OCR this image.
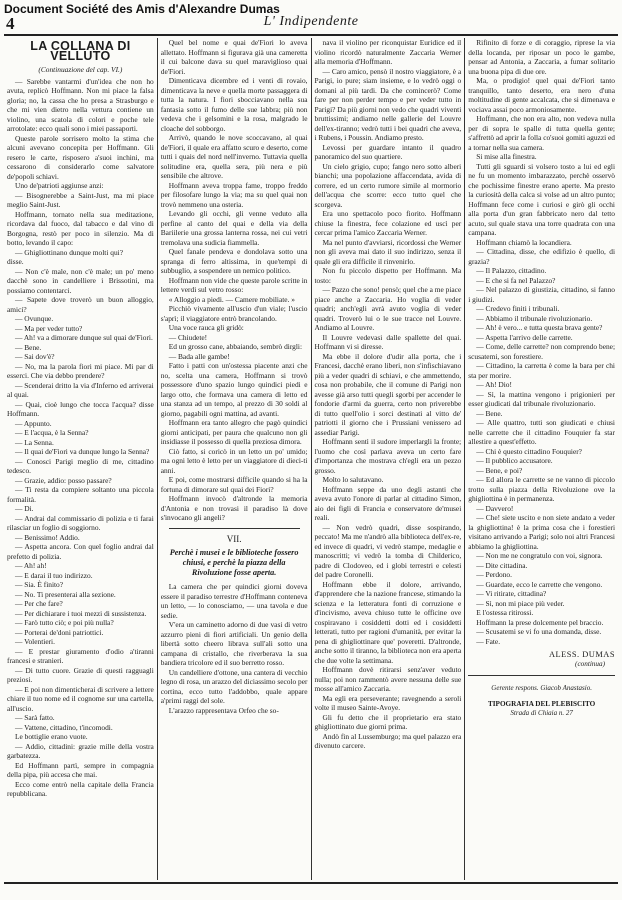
Document Société des Amis d'Alexandre Dumas
4	L' Indipendente
LA COLLANA DI VELLUTO
(Continuazione del cap. VI.)

— Sarebbe vantarmi d'un'idea che non ho avuta, replicò Hoffmann. Non mi piace la falsa gloria; no, la cassa che ho presa a Strasburgo e che mi vien dietro nella vettura contiene un violino, una scatola di colori e poche tele arrotolate: ecco quali sono i miei passaporti.

Queste parole sorrisero molto la stima che alcuni avevano concepita per Hoffmann. Gli resero le carte, risposero a'suoi inchini, ma cessarono di considerarlo come salvatore de'popoli schiavi.

Uno de'patrioti aggiunse anzi:

— Bisognerebbe a Saint-Just, ma mi piace meglio Saint-Just.

Hoffmann, tornato nella sua meditazione, ricordava dal fuoco, dal tabacco e dal vino di Borgogna, restò per poco in silenzio. Ma di botto, levando il capo:

— Ghigliottinano dunque molti qui?

disse.

— Non c'è male, non c'è male; un po' meno dacchè sono in candelliere i Brissotini, ma possiamo contentarci.

— Sapete dove troverò un buon alloggio, amici?

— Ovunque.

— Ma per veder tutto?

— Ah! va a dimorare dunque sul quai de'Fiori.

— Bene.

— Sai dov'è?

— No, ma la parola fiori mi piace. Mi par di esserci. Che via debbo prendere?

— Scenderai dritto la via d'Inferno ed arriverai al quai.

— Quai, cioè lungo che tocca l'acqua? disse Hoffmann.

— Appunto.

— E l'acqua, è la Senna?

— La Senna.

— Il quai de'Fiori va dunque lungo la Senna?

— Conosci Parigi meglio di me, cittadino tedesco.

— Grazie, addio: posso passare?

— Ti resta da compiere soltanto una piccola formalità.

— Di.

— Andrai dal commissario di polizia e ti farai rilasciar un foglio di soggiorno.

— Benissimo! Addio.

— Aspetta ancora. Con quel foglio andrai dal prefetto di polizia.

— Ah! ah!

— E darai il tuo indirizzo.

— Sia. È finito?

— No. Ti presenterai alla sezione.

— Per che fare?

— Per dichiarare i tuoi mezzi di sussistenza.

— Farò tutto ciò; e poi più nulla?

— Porterai de'doni patriottici.

— Volentieri.

— E prestar giuramento d'odio a'tiranni francesi e stranieri.

— Di tutto cuore. Grazie di questi ragguagli preziosi.

— E poi non dimenticherai di scrivere a lettere chiare il tuo nome ed il cognome sur una cartella, all'uscio.

— Sarà fatto.

— Vattene, cittadino, t'incomodi.

Le bottiglie erano vuote.

— Addio, cittadini: grazie mille della vostra garbatezza.

Ed Hoffmann partì, sempre in compagnia della pipa, più accesa che mai.

Ecco come entrò nella capitale della Francia repubblicana.

Quel bel nome e quai de'Fiori lo aveva allettato. Hoffmann si figurava già una cameretta il cui balcone dava su quel maraviglioso quai de'Fiori.

Dimenticava dicembre ed i venti di rovaio, dimenticava la neve e quella morte passaggera di tutta la natura. I fiori sbocciavano nella sua fantasia sotto il fumo delle sue labbra; più non vedeva che i gelsomini e la rosa, malgrado le cloache del sobborgo.

Arrivò, quando le nove scoccavano, al quai de'Fiori, il quale era affatto scuro e deserto, come tutti i quais del nord nell'inverno. Tuttavia quella solitudine era, quella sera, più nera e più sensibile che altrove.

Hoffmann aveva troppa fame, troppo freddo per filosofare lungo la via; ma su quel quai non trovò nemmeno una osteria.

Levando gli occhi, gli venne veduto alla perfine al canto del quai e della via della Bariilerie una grossa lanterna rossa, nei cui vetri tremolava una sudicia fiammella.

Quel fanale pendeva e dondolava sotto una spranga di ferro altissima, in que'tempi di subbuglio, a sospendere un nemico politico.

Hoffmann non vide che queste parole scritte in lettere verdi sul vetro rosso:

« Alloggio a piedi. — Camere mobiliate. »

Picchiò vivamente all'uscio d'un viale; l'uscio s'aprì; il viaggiatore entrò brancolando.

Una voce rauca gli gridò:

— Chiudete!

Ed un grosso cane, abbaiando, sembrò dirgli:

— Bada alle gambe!

Fatto i patti con un'ostessa piacente anzi che no, scelta una camera, Hoffmann si trovò possessore d'uno spazio lungo quindici piedi e largo otto, che formava una camera di letto ed una stanza ad un tempo, al prezzo di 30 soldi al giorno, pagabili ogni mattina, ad avanti.

Hoffmann era tanto allegro che pagò quindici giorni anticipati, per paura che qualcuno non gli insidiasse il possesso di quella preziosa dimora.

Ciò fatto, si coricò in un letto un po' umido; ma ogni letto è letto per un viaggiatore di dieci-ti anni.

E poi, come mostrarsi difficile quando si ha la fortuna di dimorare sul quai dei Fiori?

Hoffmann invocò d'altronde la memoria d'Antonia e non trovasi il paradiso là dove s'invocano gli angeli?

VII.
Perchè i musei e le biblioteche fossero chiusi, e perchè la piazza della Rivoluzione fosse aperta.

La camera che per quindici giorni doveva essere il paradiso terrestre d'Hoffmann conteneva un letto, — lo conosciamo, — una tavola e due sedie.

V'era un caminetto adorno di due vasi di vetro azzurro pieni di fiori artificiali. Un genio della libertà sotto cheero librava sull'ali sotto una campana di cristallo, che riverberava la sua bandiera tricolore ed il suo berretto rosso.

Un candelliere d'ottone, una cantera di vecchio legno di rosa, un arazzo del diciassimo secolo per cortina, ecco tutto l'addobbo, quale appare a'primi raggi del sole.

L'arazzo rappresentava Orfeo che so-

nava il violino per riconquistar Euridice ed il violino ricordò naturalmente Zaccaria Werner alla memoria d'Hoffmann.

— Caro amico, pensò il nostro viaggiatore, è a Parigi, io pure; siam insieme, e lo vedrò oggi o domani al più tardi. Da che comincerò? Come fare per non perder tempo e per veder tutto in Parigi? Da più giorni non vedo che quadri viventi bruttissimi; andiamo nelle gallerie del Louvre dell'ex-tiranno; vedrò tutti i bei quadri che aveva, i Rubens, i Poussin. Andiamo presto.

Levossi per guardare intanto il quadro panoramico del suo quartiere.

Un cielo grigio, cupo; fango nero sotto alberi bianchi; una popolazione affaccendata, avida di correre, ed un certo rumore simile al mormorio dell'acqua che scorre: ecco tutto quel che scorgeva.

Era uno spettacolo poco fiorito. Hoffmann chiuse la finestra, fece colazione ed uscì per cercar prima l'amico Zaccaria Werner.

Ma nel punto d'avviarsi, ricordossi che Werner non gli aveva mai dato il suo indirizzo, senza il quale gli era difficile il rinvenirlo.

Non fu piccolo dispetto per Hoffmann. Ma tosto:

— Pazzo che sono! pensò; quel che a me piace piace anche a Zaccaria. Ho voglia di veder quadri; anch'egli avrà avuto voglia di veder quadri. Troverò lui o le sue tracce nel Louvre. Andiamo al Louvre.

Il Louvre vedevasi dalle spallette del quai. Hoffmann vi si diresse.

Ma ebbe il dolore d'udir alla porta, che i Francesi, dacchè erano liberi, non s'infischiavano più a veder quadri di schiavi, e che ammettendo, cosa non probabile, che il comune di Parigi non avesse già arso tutti quegli sgorbi per accender le fondorie d'armi da guerra, certo non priverebbe di tutto quell'olio i sorci destinati al vitto de' patriotti il giorno che i Prussiani venissero ad assediar Parigi.

Hoffmann sentì il sudore imperlargli la fronte; l'uomo che così parlava aveva un certo fare d'importanza che mostrava ch'egli era un pezzo grosso.

Molto lo salutavano.

Hoffmann seppe da uno degli astanti che aveva avuto l'onore di parlar al cittadino Simon, aio dei figli di Francia e conservatore de'musei reali.

— Non vedrò quadri, disse sospirando, peccato! Ma me n'andrò alla biblioteca dell'ex-re, ed invece di quadri, vi vedrò stampe, medaglie e manoscritti; vi vedrò la tomba di Childerico, padre di Clodoveo, ed i globi terrestri e celesti del padre Coronelli.

Hoffmann ebbe il dolore, arrivando, d'apprendere che la nazione francese, stimando la scienza e la letteratura fonti di corruzione e d'incivismo, aveva chiuso tutte le officine ove cospiravano i cosiddetti dotti ed i cosiddetti letterati, tutto per ragioni d'umanità, per evitar la pena di ghigliottinare que' poveretti. D'altronde, anche sotto il tiranno, la biblioteca non era aperta che due volte la settimana.

Hoffmann dovè ritirarsi senz'aver veduto nulla; poi non rammentò avere nessuna delle sue mosse all'amico Zaccaria.

Ma egli era perseverante; ravegnendo a seroli volte il museo Sainte-Avoye.

Gli fu detto che il proprietario era stato ghigliottinato due giorni prima.

Andò fin al Lussemburgo; ma quel palazzo era divenuto carcere.

Rifinito di forze e di coraggio, riprese la via della locanda, per riposar un poco le gambe, pensar ad Antonia, a Zaccaria, a fumar solitario una buona pipa di due ore.

Ma, o prodigio! quel quai de'Fiori tanto tranquillo, tanto deserto, era nero d'una moltitudine di gente accalcata, che si dimenava e vociava assai poco armoniosamente.

Hoffmann, che non era alto, non vedeva nulla per di sopra le spalle di tutta quella gente; s'affrettò ad aprir la folla co'suoi gomiti aguzzi ed a tornar nella sua camera.

Si mise alla finestra.

Tutti gli sguardi si volsero tosto a lui ed egli ne fu un momento imbarazzato, perchè osservò che pochissime finestre erano aperte. Ma presto la curiosità della calca si volse ad un altro punto; Hoffmann fece come i curiosi e girò gli occhi alla porta d'un gran fabbricato nero dal tetto acuto, sul quale stava una torre quadrata con una campana.

Hoffmann chiamò la locandiera.

— Cittadina, disse, che edifizio è quello, di grazia?

— Il Palazzo, cittadino.

— E che si fa nel Palazzo?

— Nel palazzo di giustizia, cittadino, si fanno i giudizi.

— Credevo finiti i tribunali.

— Abbiamo il tribunale rivoluzionario.

— Ah! è vero... e tutta questa brava gente?

— Aspetta l'arrivo delle carrette.

— Come, delle carrette? non comprendo bene; scusatemi, son forestiere.

— Cittadino, la carretta è come la bara per chi sta per morire.

— Ah! Dio!

— Sì, la mattina vengono i prigionieri per esser giudicati dal tribunale rivoluzionario.

— Bene.

— Alle quattro, tutti son giudicati e chiusi nelle carrette che il cittadino Fouquier fa star allestire a quest'effetto.

— Chi è questo cittadino Fouquier?

— Il pubblico accusatore.

— Bene, e poi?

— Ed allora le carrette se ne vanno di piccolo trotto sulla piazza della Rivoluzione ove la ghigliottina è in permanenza.

— Davvero!

— Che! siete uscito e non siete andato a veder la ghigliottina! è la prima cosa che i forestieri visitano arrivando a Parigi; solo noi altri Francesi abbiamo la ghigliottina.

— Non me ne congratulo con voi, signora.

— Dite cittadina.

— Perdono.

— Guardate, ecco le carrette che vengono.

— Vi ritirate, cittadina?

— Sì, non mi piace più veder.

E l'ostessa ritirossi.

Hoffmann la prese dolcemente pel braccio.

— Scusatemi se vi fo una domanda, disse.

— Fate.

ALESS. DUMAS
(continua)
Gerente respons. Giacob Anastasio.
TIPOGRAFIA DEL PLEBISCITO
Strada di Chiaia n. 27
